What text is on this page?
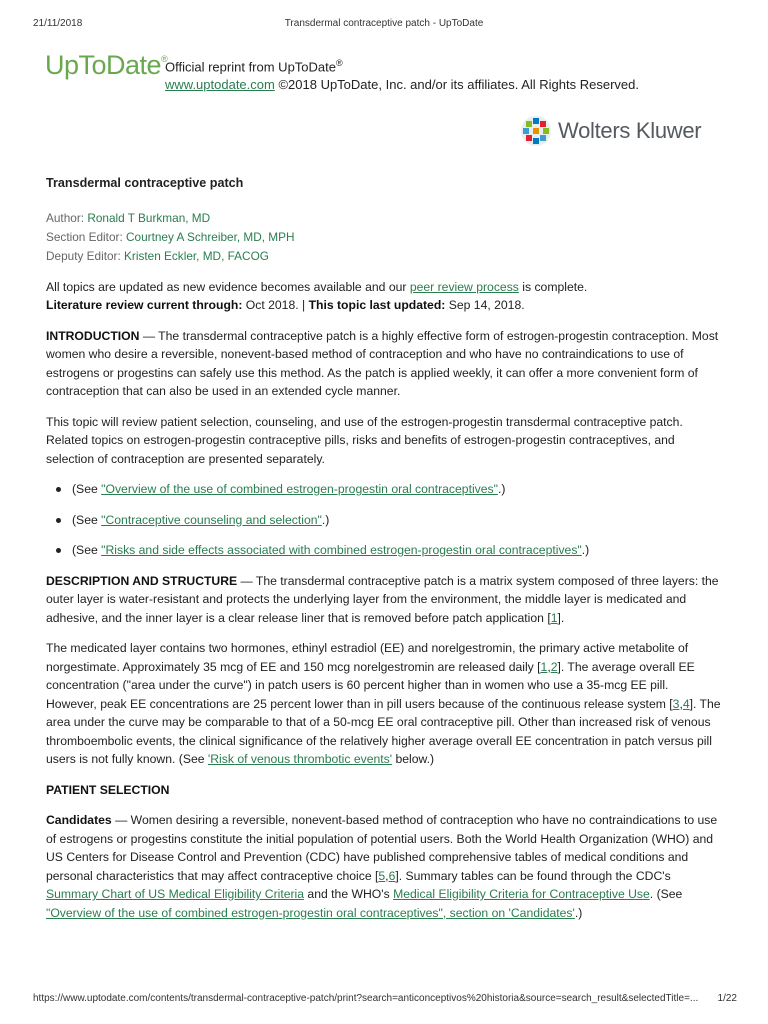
21/11/2018	Transdermal contraceptive patch - UpToDate
UpToDate®
Official reprint from UpToDate®
www.uptodate.com ©2018 UpToDate, Inc. and/or its affiliates. All Rights Reserved.
Wolters Kluwer
Transdermal contraceptive patch
Author: Ronald T Burkman, MD
Section Editor: Courtney A Schreiber, MD, MPH
Deputy Editor: Kristen Eckler, MD, FACOG

All topics are updated as new evidence becomes available and our peer review process is complete.
Literature review current through: Oct 2018. | This topic last updated: Sep 14, 2018.

INTRODUCTION — The transdermal contraceptive patch is a highly effective form of estrogen-progestin contraception. Most women who desire a reversible, nonevent-based method of contraception and who have no contraindications to use of estrogens or progestins can safely use this method. As the patch is applied weekly, it can offer a more convenient form of contraception that can also be used in an extended cycle manner.

This topic will review patient selection, counseling, and use of the estrogen-progestin transdermal contraceptive patch. Related topics on estrogen-progestin contraceptive pills, risks and benefits of estrogen-progestin contraceptives, and selection of contraception are presented separately.

(See "Overview of the use of combined estrogen-progestin oral contraceptives".)
(See "Contraceptive counseling and selection".)
(See "Risks and side effects associated with combined estrogen-progestin oral contraceptives".)

DESCRIPTION AND STRUCTURE — The transdermal contraceptive patch is a matrix system composed of three layers: the outer layer is water-resistant and protects the underlying layer from the environment, the middle layer is medicated and adhesive, and the inner layer is a clear release liner that is removed before patch application [1].

The medicated layer contains two hormones, ethinyl estradiol (EE) and norelgestromin, the primary active metabolite of norgestimate. Approximately 35 mcg of EE and 150 mcg norelgestromin are released daily [1,2]. The average overall EE concentration ("area under the curve") in patch users is 60 percent higher than in women who use a 35-mcg EE pill. However, peak EE concentrations are 25 percent lower than in pill users because of the continuous release system [3,4]. The area under the curve may be comparable to that of a 50-mcg EE oral contraceptive pill. Other than increased risk of venous thromboembolic events, the clinical significance of the relatively higher average overall EE concentration in patch versus pill users is not fully known. (See 'Risk of venous thrombotic events' below.)

PATIENT SELECTION

Candidates — Women desiring a reversible, nonevent-based method of contraception who have no contraindications to use of estrogens or progestins constitute the initial population of potential users. Both the World Health Organization (WHO) and US Centers for Disease Control and Prevention (CDC) have published comprehensive tables of medical conditions and personal characteristics that may affect contraceptive choice [5,6]. Summary tables can be found through the CDC's Summary Chart of US Medical Eligibility Criteria and the WHO's Medical Eligibility Criteria for Contraceptive Use. (See "Overview of the use of combined estrogen-progestin oral contraceptives", section on 'Candidates'.)

https://www.uptodate.com/contents/transdermal-contraceptive-patch/print?search=anticonceptivos%20historia&source=search_result&selectedTitle=...	1/22
